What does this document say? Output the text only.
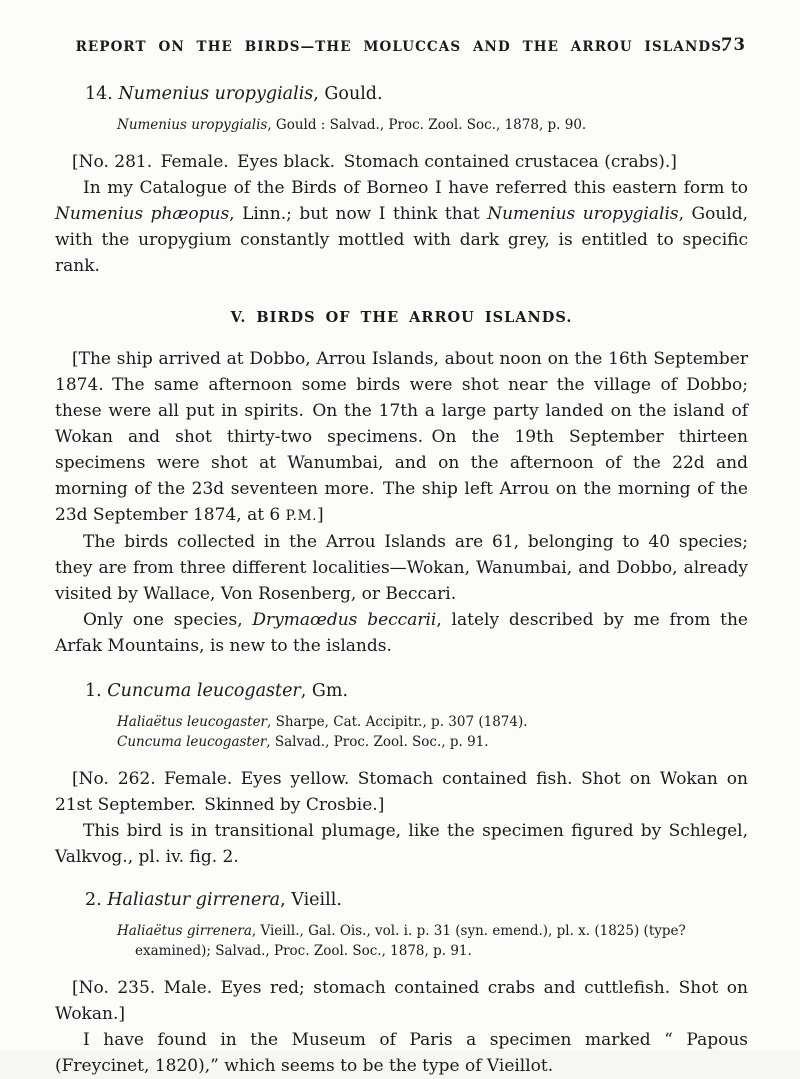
REPORT ON THE BIRDS—THE MOLUCCAS AND THE ARROU ISLANDS.
73

14. Numenius uropygialis, Gould.

Numenius uropygialis, Gould : Salvad., Proc. Zool. Soc., 1878, p. 90.

[No. 281. Female. Eyes black. Stomach contained crustacea (crabs).]

In my Catalogue of the Birds of Borneo I have referred this eastern form to Numenius phæopus, Linn.; but now I think that Numenius uropygialis, Gould, with the uropygium constantly mottled with dark grey, is entitled to specific rank.

V. BIRDS OF THE ARROU ISLANDS.

[The ship arrived at Dobbo, Arrou Islands, about noon on the 16th September 1874. The same afternoon some birds were shot near the village of Dobbo; these were all put in spirits. On the 17th a large party landed on the island of Wokan and shot thirty-two specimens. On the 19th September thirteen specimens were shot at Wanumbai, and on the afternoon of the 22d and morning of the 23d seventeen more. The ship left Arrou on the morning of the 23d September 1874, at 6 P.M.]

The birds collected in the Arrou Islands are 61, belonging to 40 species; they are from three different localities—Wokan, Wanumbai, and Dobbo, already visited by Wallace, Von Rosenberg, or Beccari.

Only one species, Drymaœdus beccarii, lately described by me from the Arfak Mountains, is new to the islands.

1. Cuncuma leucogaster, Gm.

Haliaëtus leucogaster, Sharpe, Cat. Accipitr., p. 307 (1874).

Cuncuma leucogaster, Salvad., Proc. Zool. Soc., p. 91.

[No. 262. Female. Eyes yellow. Stomach contained fish. Shot on Wokan on 21st September. Skinned by Crosbie.]

This bird is in transitional plumage, like the specimen figured by Schlegel, Valkvog., pl. iv. fig. 2.

2. Haliastur girrenera, Vieill.

Haliaëtus girrenera, Vieill., Gal. Ois., vol. i. p. 31 (syn. emend.), pl. x. (1825) (type? examined); Salvad., Proc. Zool. Soc., 1878, p. 91.

[No. 235. Male. Eyes red; stomach contained crabs and cuttlefish. Shot on Wokan.]

I have found in the Museum of Paris a specimen marked “ Papous (Freycinet, 1820),” which seems to be the type of Vieillot.
